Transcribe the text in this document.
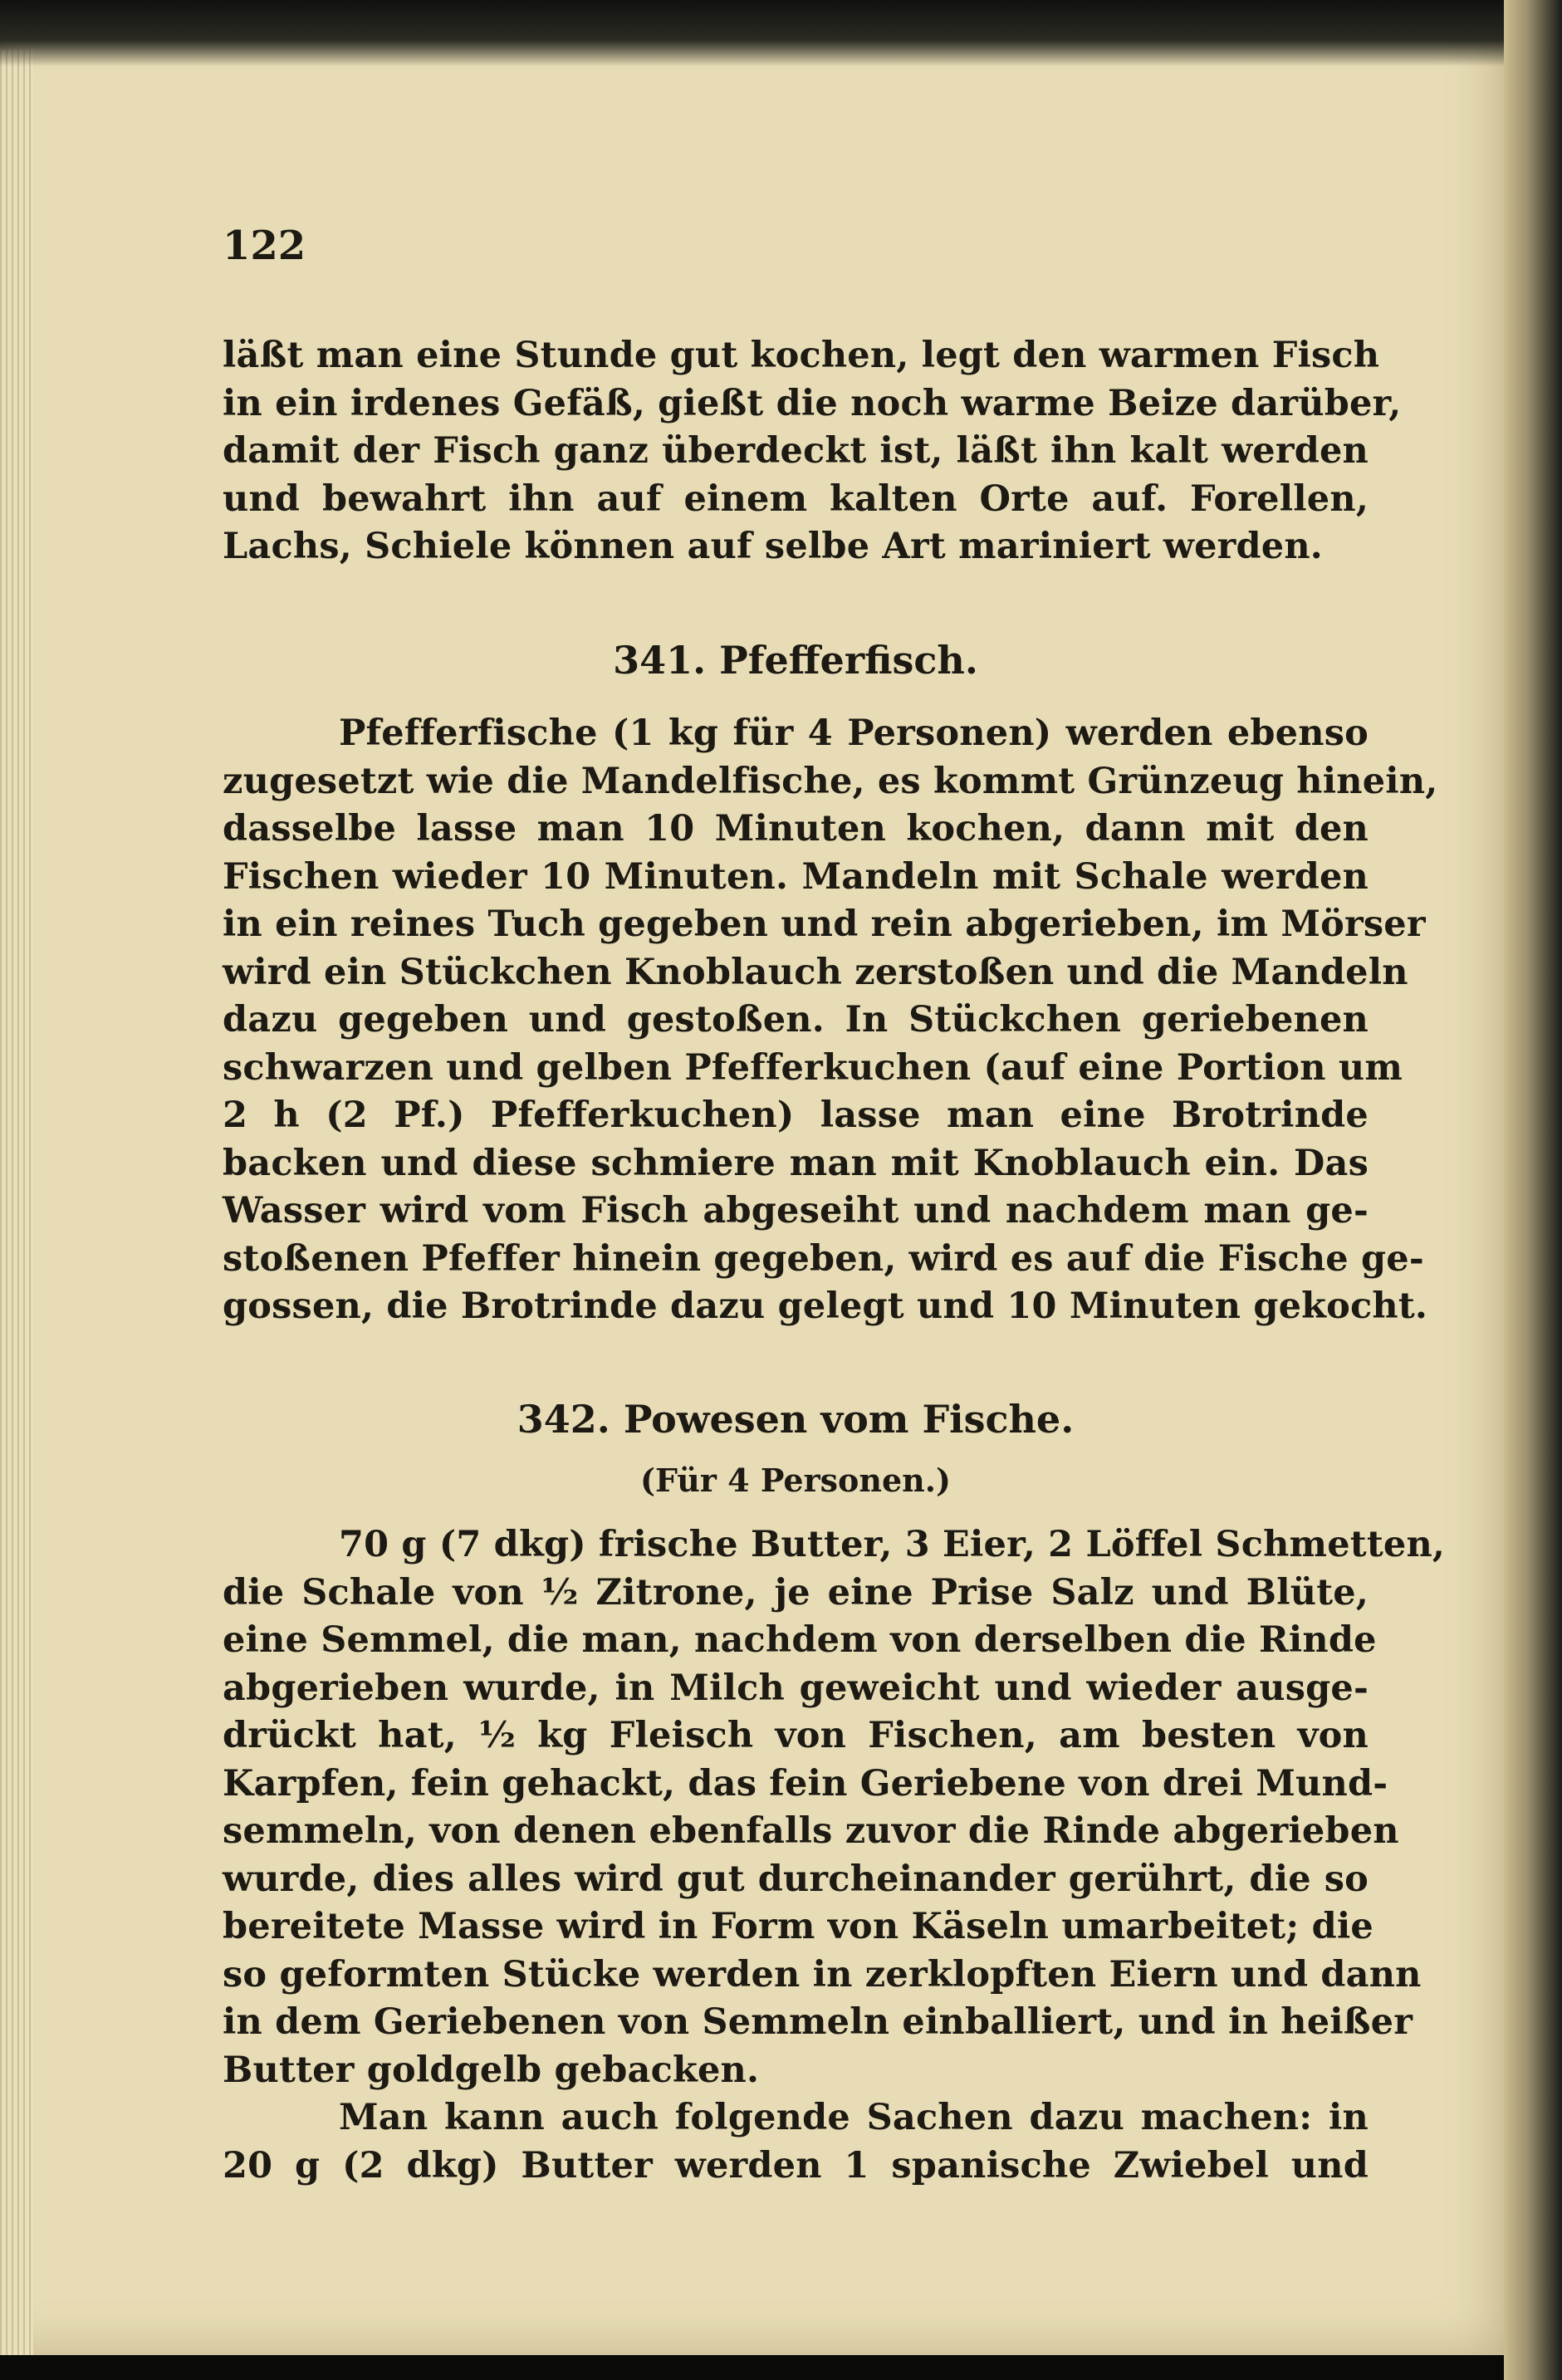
122
läßt man eine Stunde gut kochen, legt den warmen Fisch
in ein irdenes Gefäß, gießt die noch warme Beize darüber,
damit der Fisch ganz überdeckt ist, läßt ihn kalt werden
und bewahrt ihn auf einem kalten Orte auf. Forellen,
Lachs, Schiele können auf selbe Art mariniert werden.
341. Pfefferfisch.
Pfefferfische (1 kg für 4 Personen) werden ebenso
zugesetzt wie die Mandelfische, es kommt Grünzeug hinein,
dasselbe lasse man 10 Minuten kochen, dann mit den
Fischen wieder 10 Minuten. Mandeln mit Schale werden
in ein reines Tuch gegeben und rein abgerieben, im Mörser
wird ein Stückchen Knoblauch zerstoßen und die Mandeln
dazu gegeben und gestoßen. In Stückchen geriebenen
schwarzen und gelben Pfefferkuchen (auf eine Portion um
2 h (2 Pf.) Pfefferkuchen) lasse man eine Brotrinde
backen und diese schmiere man mit Knoblauch ein. Das
Wasser wird vom Fisch abgeseiht und nachdem man ge-
stoßenen Pfeffer hinein gegeben, wird es auf die Fische ge-
gossen, die Brotrinde dazu gelegt und 10 Minuten gekocht.
342. Powesen vom Fische.
(Für 4 Personen.)
70 g (7 dkg) frische Butter, 3 Eier, 2 Löffel Schmetten,
die Schale von ½ Zitrone, je eine Prise Salz und Blüte,
eine Semmel, die man, nachdem von derselben die Rinde
abgerieben wurde, in Milch geweicht und wieder ausge-
drückt hat, ½ kg Fleisch von Fischen, am besten von
Karpfen, fein gehackt, das fein Geriebene von drei Mund-
semmeln, von denen ebenfalls zuvor die Rinde abgerieben
wurde, dies alles wird gut durcheinander gerührt, die so
bereitete Masse wird in Form von Käseln umarbeitet; die
so geformten Stücke werden in zerklopften Eiern und dann
in dem Geriebenen von Semmeln einballiert, und in heißer
Butter goldgelb gebacken.
Man kann auch folgende Sachen dazu machen: in
20 g (2 dkg) Butter werden 1 spanische Zwiebel und
